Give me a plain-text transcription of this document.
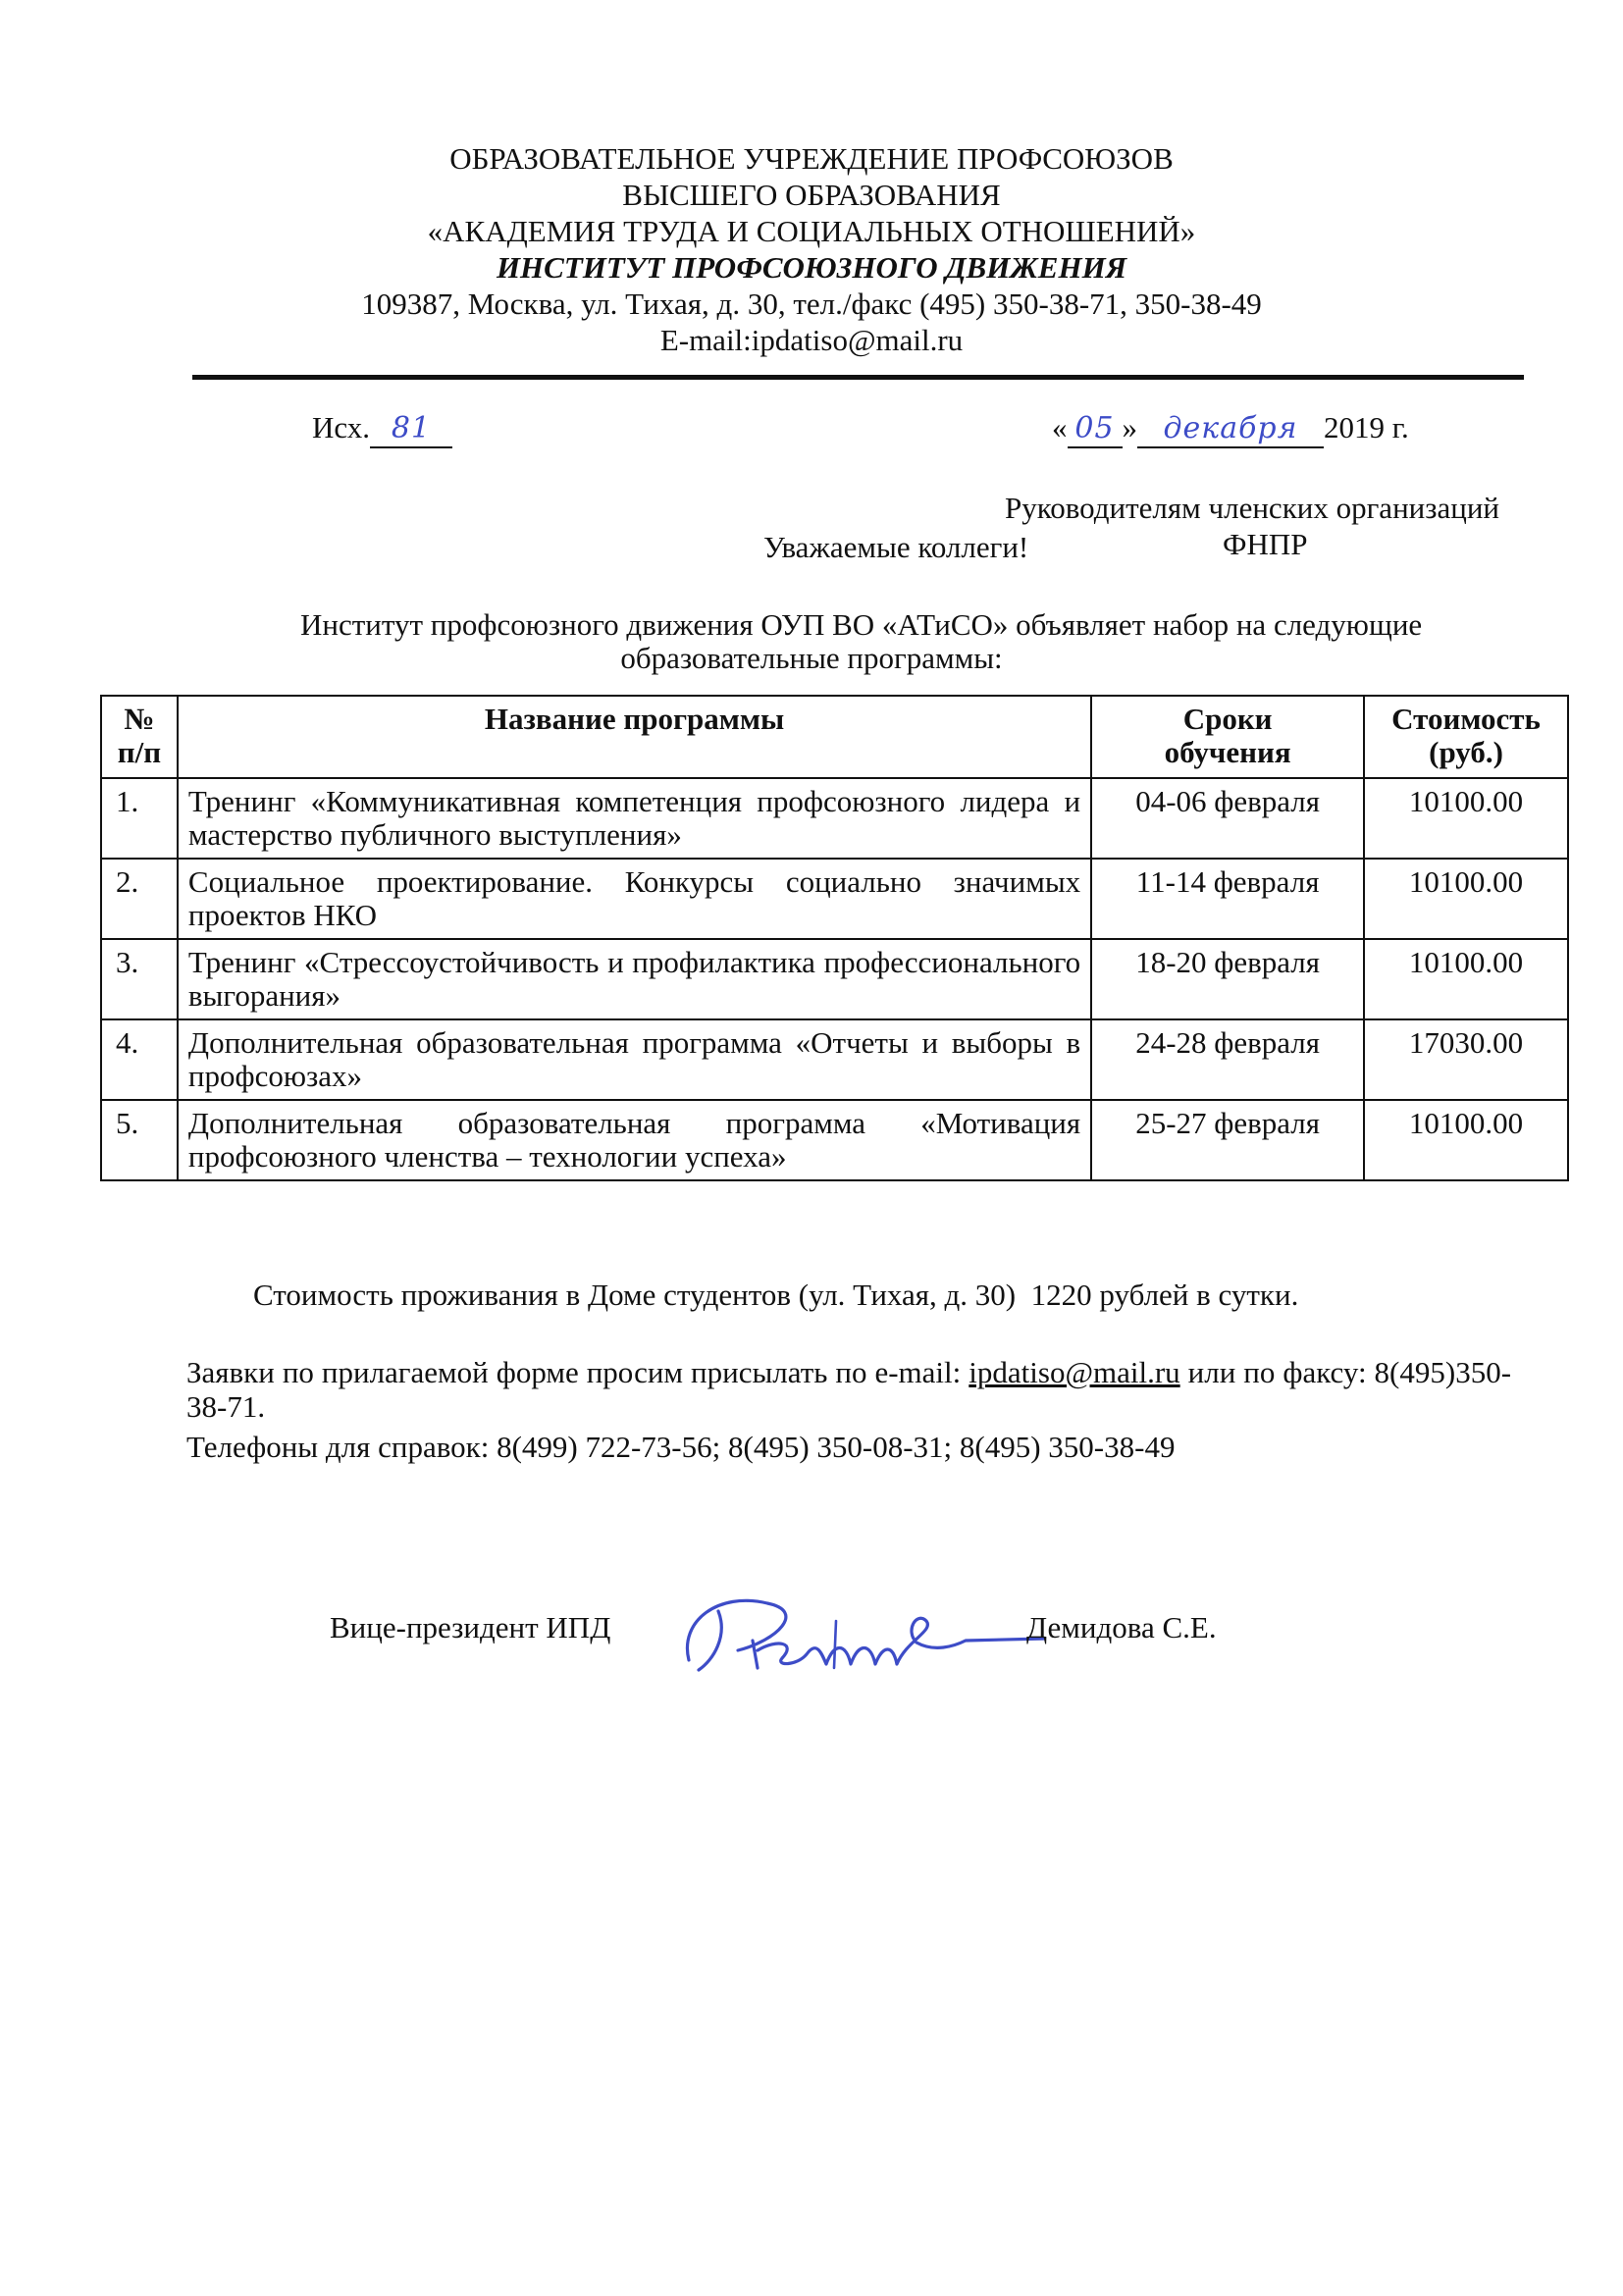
ОБРАЗОВАТЕЛЬНОЕ УЧРЕЖДЕНИЕ ПРОФСОЮЗОВ
ВЫСШЕГО ОБРАЗОВАНИЯ
«АКАДЕМИЯ ТРУДА И СОЦИАЛЬНЫХ ОТНОШЕНИЙ»
ИНСТИТУТ ПРОФСОЮЗНОГО ДВИЖЕНИЯ
109387, Москва, ул. Тихая, д. 30, тел./факс (495) 350-38-71, 350-38-49
E-mail:ipdatiso@mail.ru
Исх. 81	« 05 » декабря 2019 г.
Руководителям членских организаций
ФНПР
Уважаемые коллеги!
Институт профсоюзного движения ОУП ВО «АТиСО» объявляет набор на следующие
образовательные программы:
№ п/п	Название программы	Сроки обучения	Стоимость (руб.)
1.	Тренинг «Коммуникативная компетенция профсоюзного лидера и мастерство публичного выступления»	04-06 февраля	10100.00
2.	Социальное проектирование. Конкурсы социально значимых проектов НКО	11-14 февраля	10100.00
3.	Тренинг «Стрессоустойчивость и профилактика профессионального выгорания»	18-20 февраля	10100.00
4.	Дополнительная образовательная программа «Отчеты и выборы в профсоюзах»	24-28 февраля	17030.00
5.	Дополнительная образовательная программа «Мотивация профсоюзного членства – технологии успеха»	25-27 февраля	10100.00
Стоимость проживания в Доме студентов (ул. Тихая, д. 30)  1220 рублей в сутки.
Заявки по прилагаемой форме просим присылать по e-mail: ipdatiso@mail.ru или по факсу: 8(495)350-38-71.
Телефоны для справок: 8(499) 722-73-56; 8(495) 350-08-31; 8(495) 350-38-49
Вице-президент ИПД	Демидова С.Е.
